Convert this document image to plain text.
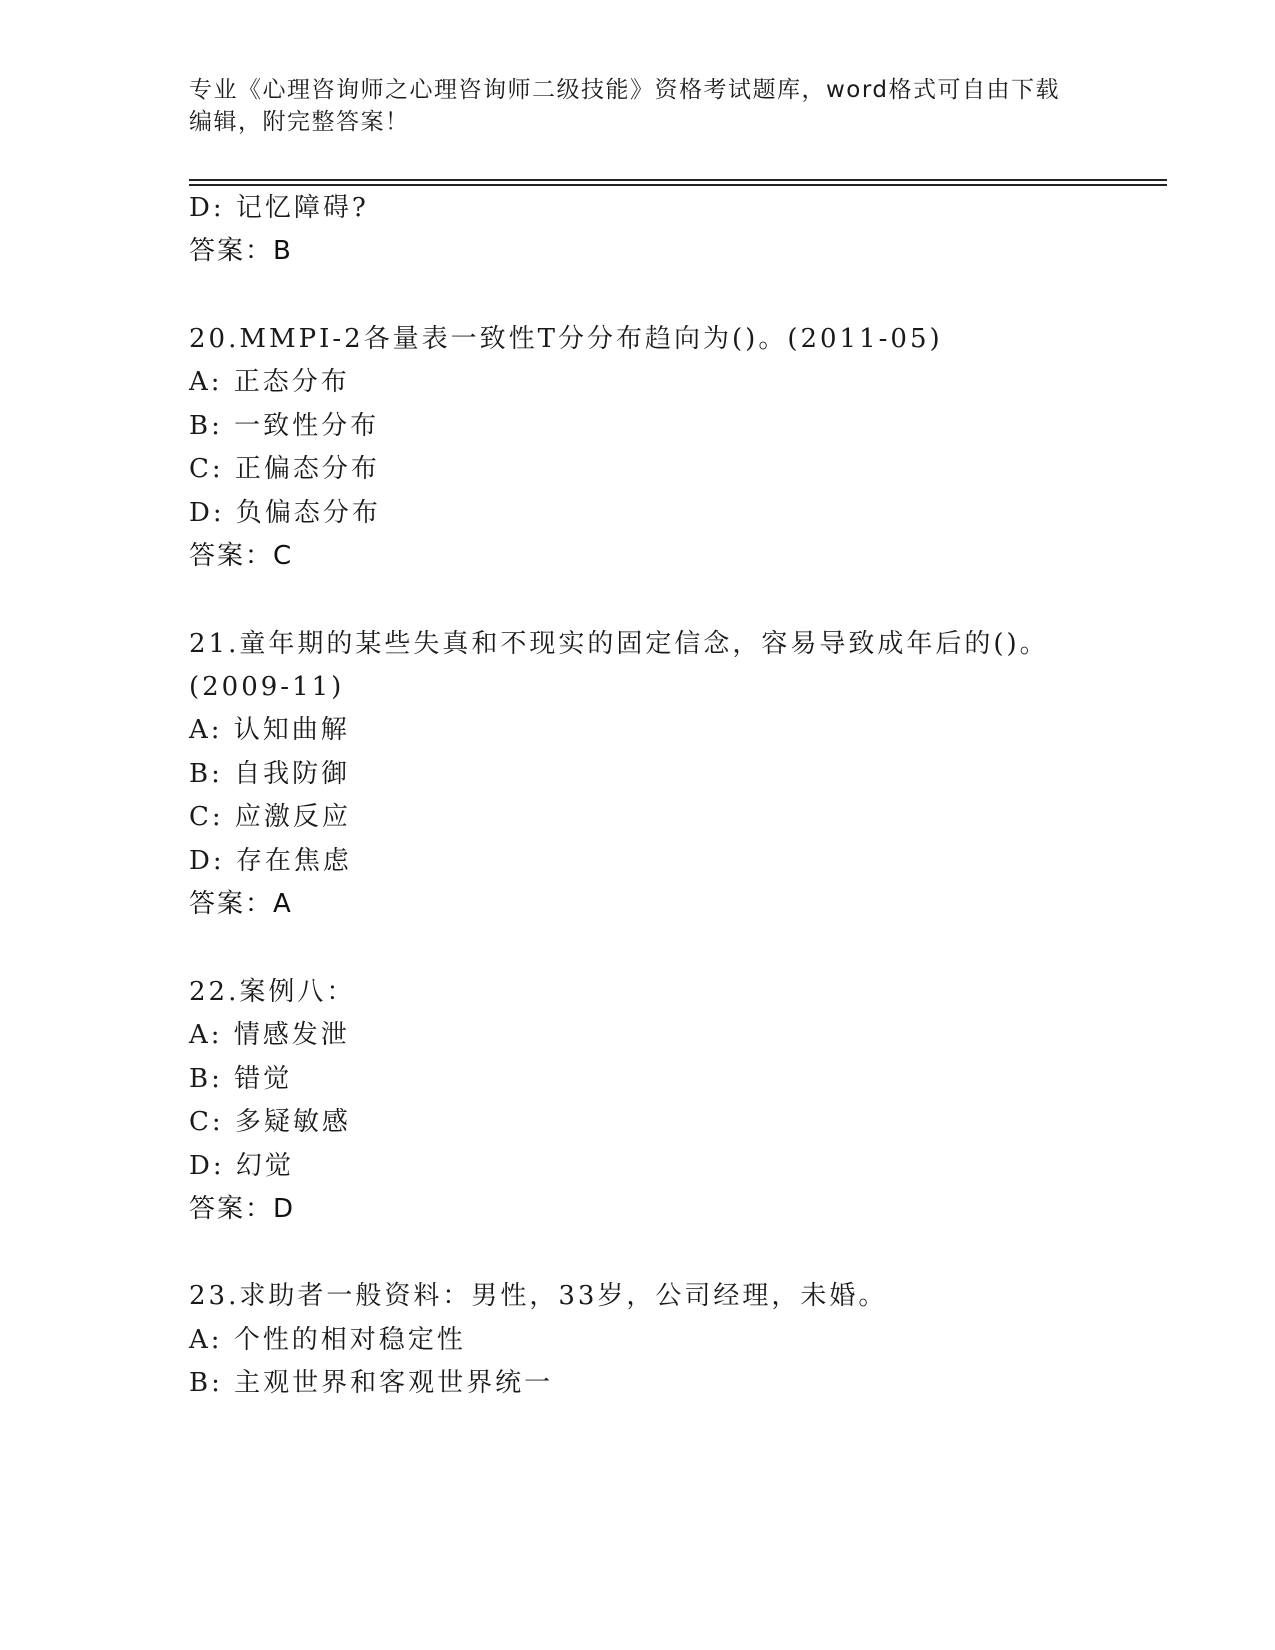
专业《心理咨询师之心理咨询师二级技能》资格考试题库，word格式可自由下载
编辑，附完整答案！
D: 记忆障碍?
答案：B
20.MMPI-2各量表一致性T分分布趋向为()。(2011-05)
A: 正态分布
B: 一致性分布
C: 正偏态分布
D: 负偏态分布
答案：C
21.童年期的某些失真和不现实的固定信念，容易导致成年后的()。
(2009-11)
A: 认知曲解
B: 自我防御
C: 应激反应
D: 存在焦虑
答案：A
22.案例八：
A: 情感发泄
B: 错觉
C: 多疑敏感
D: 幻觉
答案：D
23.求助者一般资料：男性，33岁，公司经理，未婚。
A: 个性的相对稳定性
B: 主观世界和客观世界统一
